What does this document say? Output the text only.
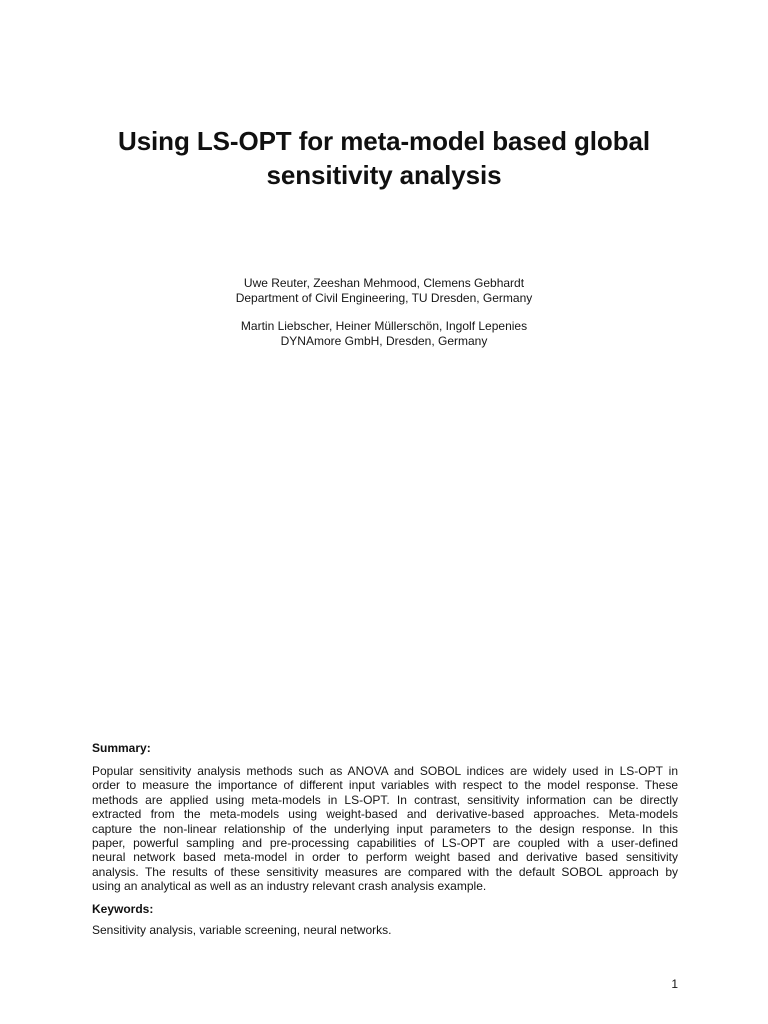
Using LS-OPT for meta-model based global
sensitivity analysis
Uwe Reuter, Zeeshan Mehmood, Clemens Gebhardt
Department of Civil Engineering, TU Dresden, Germany
Martin Liebscher, Heiner Müllerschön, Ingolf Lepenies
DYNAmore GmbH, Dresden, Germany
Summary:
Popular sensitivity analysis methods such as ANOVA and SOBOL indices are widely used in LS-OPT in
order to measure the importance of different input variables with respect to the model response. These
methods are applied using meta-models in LS-OPT. In contrast, sensitivity information can be directly
extracted from the meta-models using weight-based and derivative-based approaches. Meta-models
capture the non-linear relationship of the underlying input parameters to the design response. In this
paper, powerful sampling and pre-processing capabilities of LS-OPT are coupled with a user-defined
neural network based meta-model in order to perform weight based and derivative based sensitivity
analysis. The results of these sensitivity measures are compared with the default SOBOL approach by
using an analytical as well as an industry relevant crash analysis example.
Keywords:
Sensitivity analysis, variable screening, neural networks.
1
